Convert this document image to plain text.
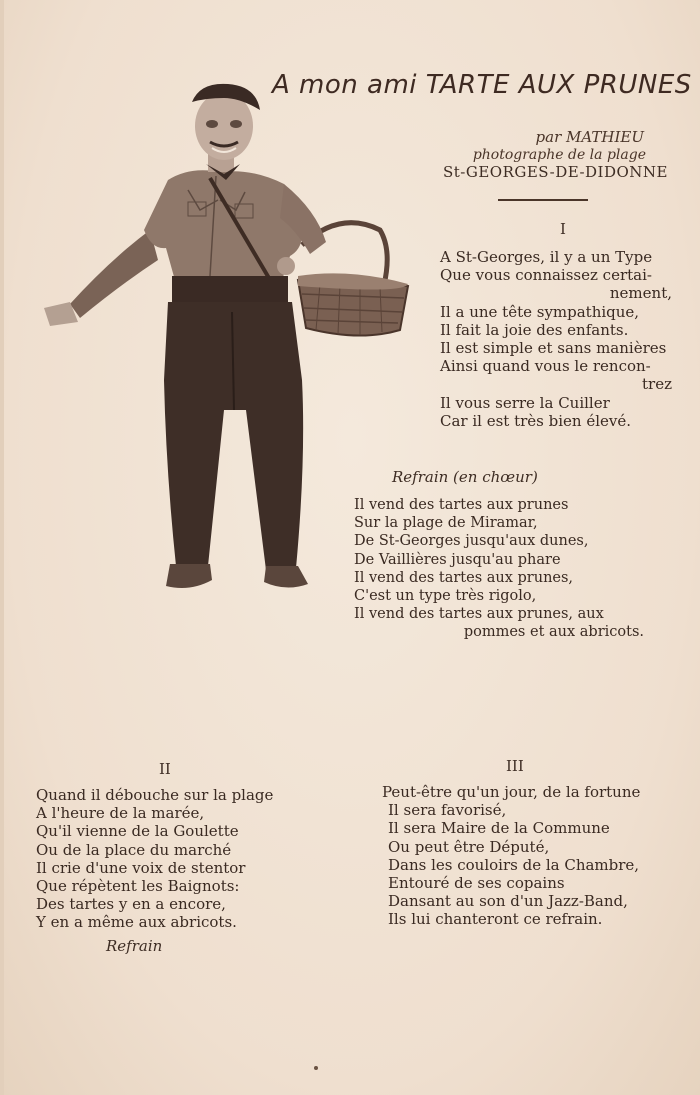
A mon ami TARTE AUX PRUNES
par MATHIEU
photographe de la plage
St-GEORGES-DE-DIDONNE
I
A St-Georges, il y a un Type
Que vous connaissez certai-
nement,
Il a une tête sympathique,
Il fait la joie des enfants.
Il est simple et sans manières
Ainsi quand vous le rencon-
trez
Il vous serre la Cuiller
Car il est très bien élevé.
Refrain (en chœur)
Il vend des tartes aux prunes
Sur la plage de Miramar,
De St-Georges jusqu'aux dunes,
De Vaillières jusqu'au phare
Il vend des tartes aux prunes,
C'est un type très rigolo,
Il vend des tartes aux prunes, aux
pommes et aux abricots.
II
Quand il débouche sur la plage
A l'heure de la marée,
Qu'il vienne de la Goulette
Ou de la place du marché
Il crie d'une voix de stentor
Que répètent les Baignots:
Des tartes y en a encore,
Y en a même aux abricots.
Refrain
III
Peut-être qu'un jour, de la fortune
Il sera favorisé,
Il sera Maire de la Commune
Ou peut être Député,
Dans les couloirs de la Chambre,
Entouré de ses copains
Dansant au son d'un Jazz-Band,
Ils lui chanteront ce refrain.
